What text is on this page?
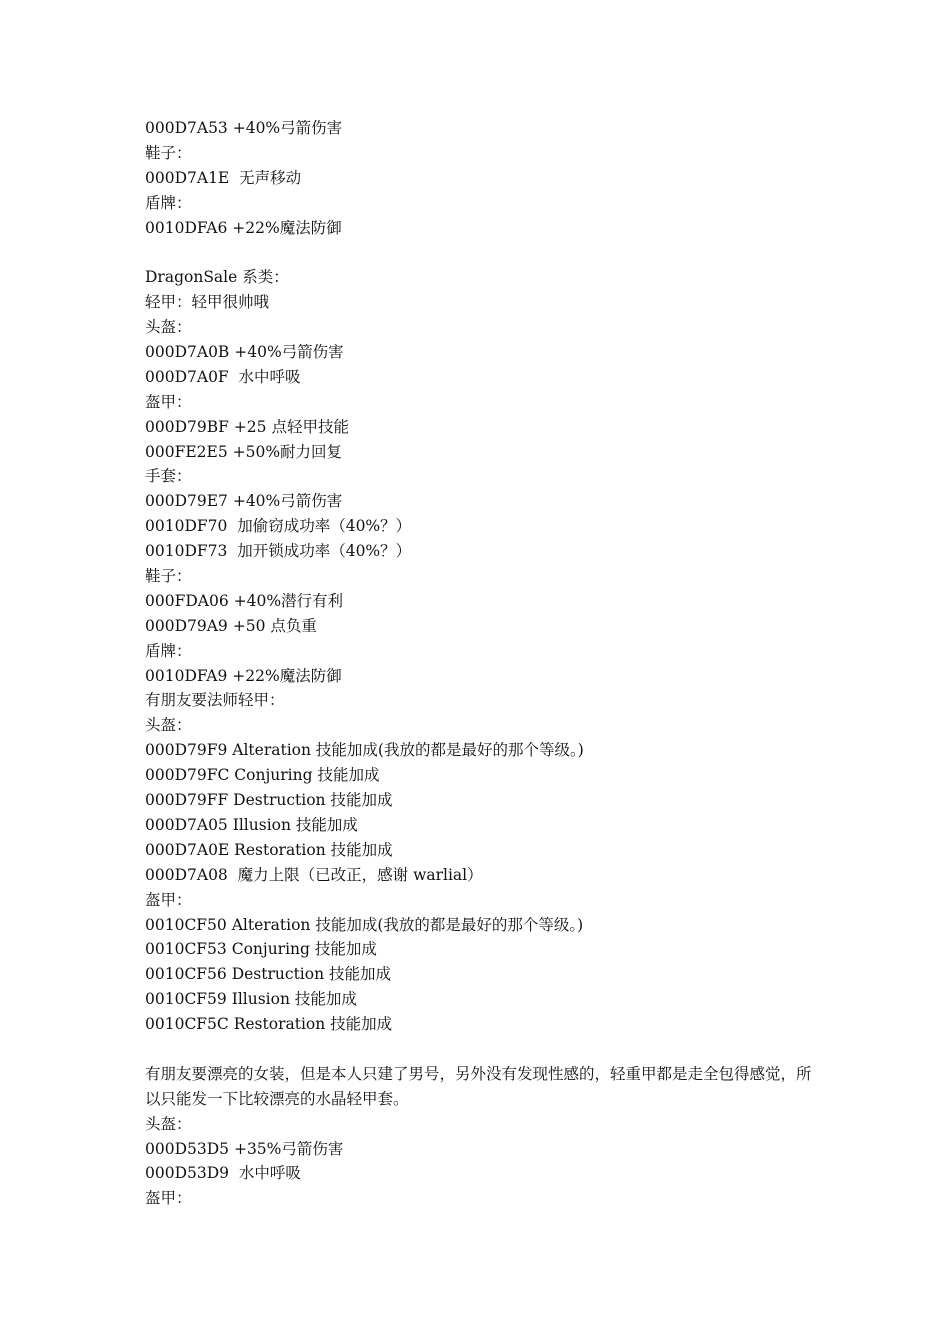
000D7A53 +40%弓箭伤害
鞋子：
000D7A1E  无声移动
盾牌：
0010DFA6 +22%魔法防御
DragonSale 系类：
轻甲：轻甲很帅哦
头盔：
000D7A0B +40%弓箭伤害
000D7A0F  水中呼吸
盔甲：
000D79BF +25 点轻甲技能
000FE2E5 +50%耐力回复
手套：
000D79E7 +40%弓箭伤害
0010DF70  加偷窃成功率（40%？）
0010DF73  加开锁成功率（40%？）
鞋子：
000FDA06 +40%潜行有利
000D79A9 +50 点负重
盾牌：
0010DFA9 +22%魔法防御
有朋友要法师轻甲：
头盔：
000D79F9 Alteration 技能加成(我放的都是最好的那个等级。)
000D79FC Conjuring 技能加成
000D79FF Destruction 技能加成
000D7A05 Illusion 技能加成
000D7A0E Restoration 技能加成
000D7A08  魔力上限（已改正，感谢 warlial）
盔甲：
0010CF50 Alteration 技能加成(我放的都是最好的那个等级。)
0010CF53 Conjuring 技能加成
0010CF56 Destruction 技能加成
0010CF59 Illusion 技能加成
0010CF5C Restoration 技能加成
有朋友要漂亮的女装，但是本人只建了男号，另外没有发现性感的，轻重甲都是走全包得感觉，所以只能发一下比较漂亮的水晶轻甲套。
头盔：
000D53D5 +35%弓箭伤害
000D53D9  水中呼吸
盔甲：
